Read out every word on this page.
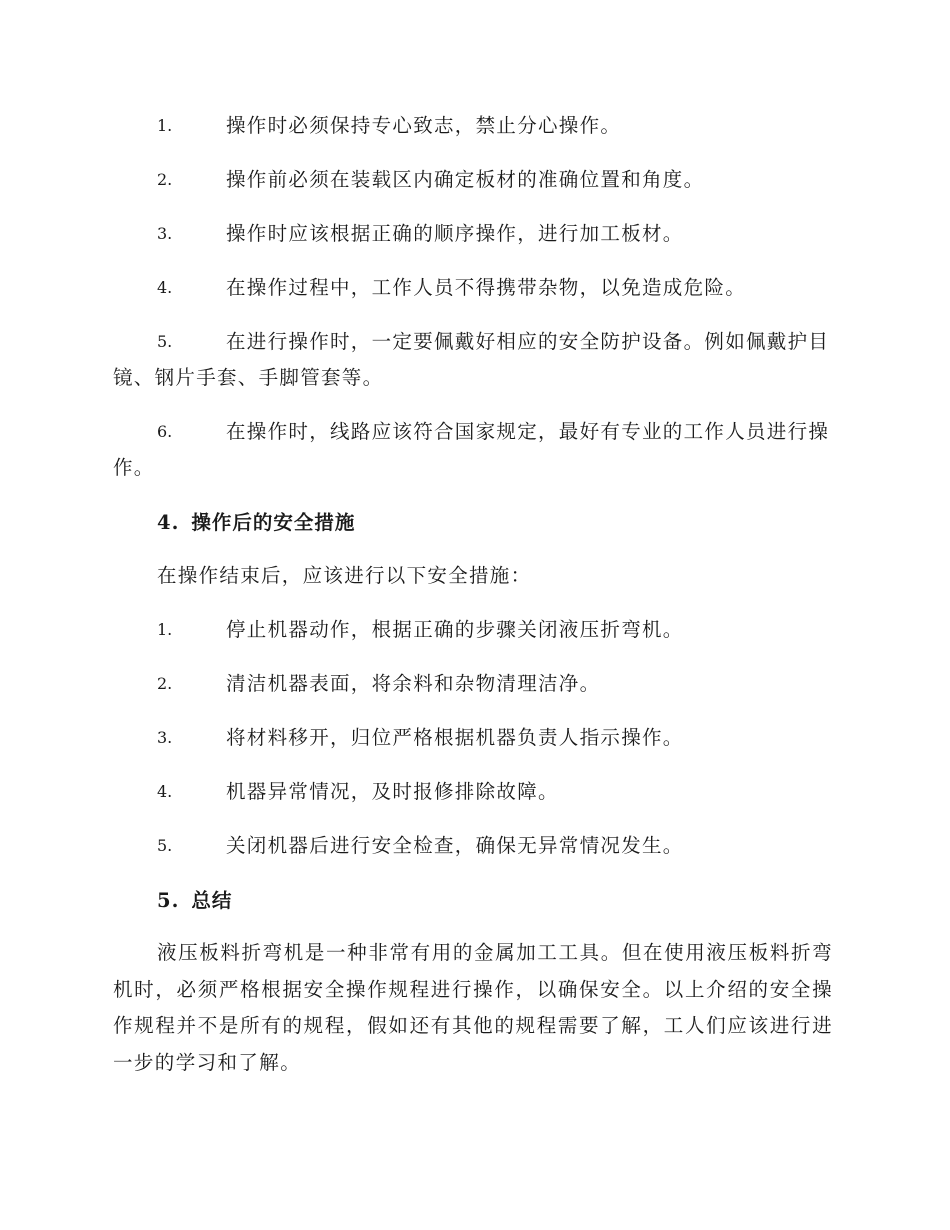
1.	操作时必须保持专心致志，禁止分心操作。
2.	操作前必须在装载区内确定板材的准确位置和角度。
3.	操作时应该根据正确的顺序操作，进行加工板材。
4.	在操作过程中，工作人员不得携带杂物，以免造成危险。
5.	在进行操作时，一定要佩戴好相应的安全防护设备。例如佩戴护目镜、钢片手套、手脚管套等。
6.	在操作时，线路应该符合国家规定，最好有专业的工作人员进行操作。
4. 操作后的安全措施
在操作结束后，应该进行以下安全措施：
1.	停止机器动作，根据正确的步骤关闭液压折弯机。
2.	清洁机器表面，将余料和杂物清理洁净。
3.	将材料移开，归位严格根据机器负责人指示操作。
4.	机器异常情况，及时报修排除故障。
5.	关闭机器后进行安全检查，确保无异常情况发生。
5. 总结
液压板料折弯机是一种非常有用的金属加工工具。但在使用液压板料折弯机时，必须严格根据安全操作规程进行操作，以确保安全。以上介绍的安全操作规程并不是所有的规程，假如还有其他的规程需要了解，工人们应该进行进一步的学习和了解。
